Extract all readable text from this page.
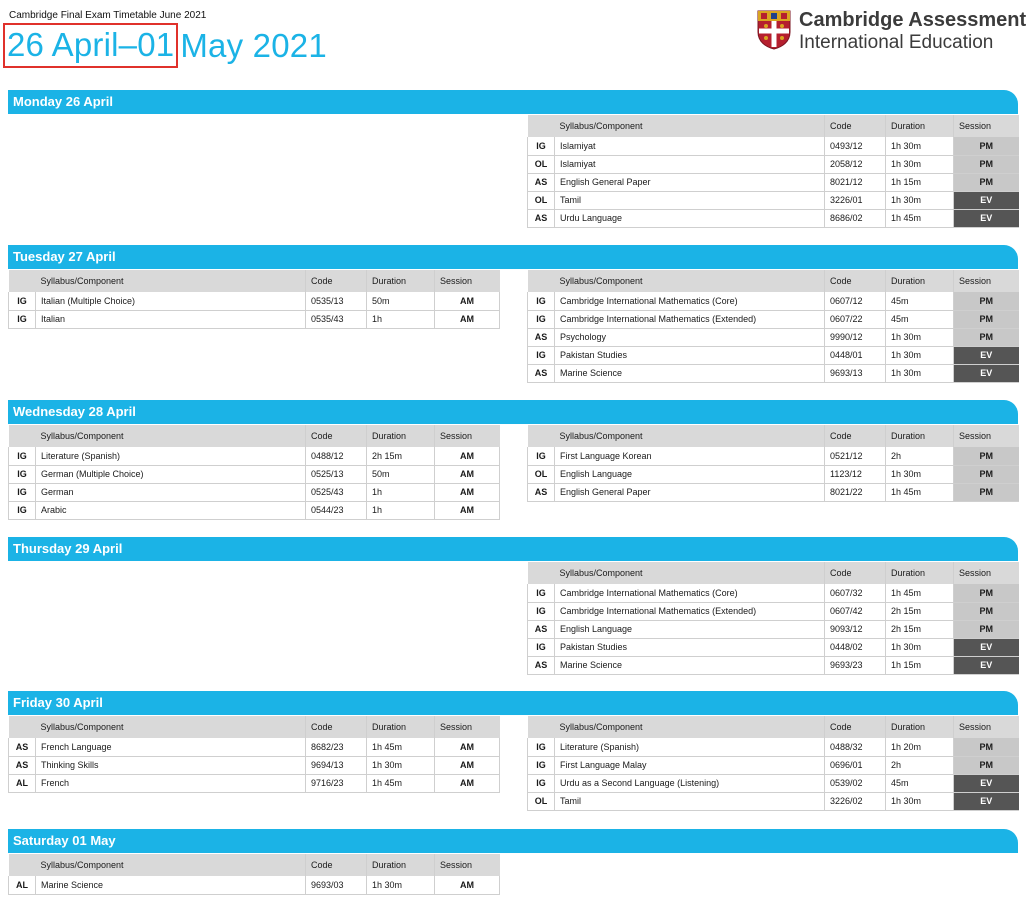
Cambridge Final Exam Timetable June 2021
26 April–01 May 2021
Cambridge Assessment
International Education
Monday 26 April
	Syllabus/Component	Code	Duration	Session
IG	Islamiyat	0493/12	1h 30m	PM
OL	Islamiyat	2058/12	1h 30m	PM
AS	English General Paper	8021/12	1h 15m	PM
OL	Tamil	3226/01	1h 30m	EV
AS	Urdu Language	8686/02	1h 45m	EV
Tuesday 27 April
	Syllabus/Component	Code	Duration	Session
IG	Italian (Multiple Choice)	0535/13	50m	AM
IG	Italian	0535/43	1h	AM
	Syllabus/Component	Code	Duration	Session
IG	Cambridge International Mathematics (Core)	0607/12	45m	PM
IG	Cambridge International Mathematics (Extended)	0607/22	45m	PM
AS	Psychology	9990/12	1h 30m	PM
IG	Pakistan Studies	0448/01	1h 30m	EV
AS	Marine Science	9693/13	1h 30m	EV
Wednesday 28 April
	Syllabus/Component	Code	Duration	Session
IG	Literature (Spanish)	0488/12	2h 15m	AM
IG	German (Multiple Choice)	0525/13	50m	AM
IG	German	0525/43	1h	AM
IG	Arabic	0544/23	1h	AM
	Syllabus/Component	Code	Duration	Session
IG	First Language Korean	0521/12	2h	PM
OL	English Language	1123/12	1h 30m	PM
AS	English General Paper	8021/22	1h 45m	PM
Thursday 29 April
	Syllabus/Component	Code	Duration	Session
IG	Cambridge International Mathematics (Core)	0607/32	1h 45m	PM
IG	Cambridge International Mathematics (Extended)	0607/42	2h 15m	PM
AS	English Language	9093/12	2h 15m	PM
IG	Pakistan Studies	0448/02	1h 30m	EV
AS	Marine Science	9693/23	1h 15m	EV
Friday 30 April
	Syllabus/Component	Code	Duration	Session
AS	French Language	8682/23	1h 45m	AM
AS	Thinking Skills	9694/13	1h 30m	AM
AL	French	9716/23	1h 45m	AM
	Syllabus/Component	Code	Duration	Session
IG	Literature (Spanish)	0488/32	1h 20m	PM
IG	First Language Malay	0696/01	2h	PM
IG	Urdu as a Second Language (Listening)	0539/02	45m	EV
OL	Tamil	3226/02	1h 30m	EV
Saturday 01 May
	Syllabus/Component	Code	Duration	Session
AL	Marine Science	9693/03	1h 30m	AM
